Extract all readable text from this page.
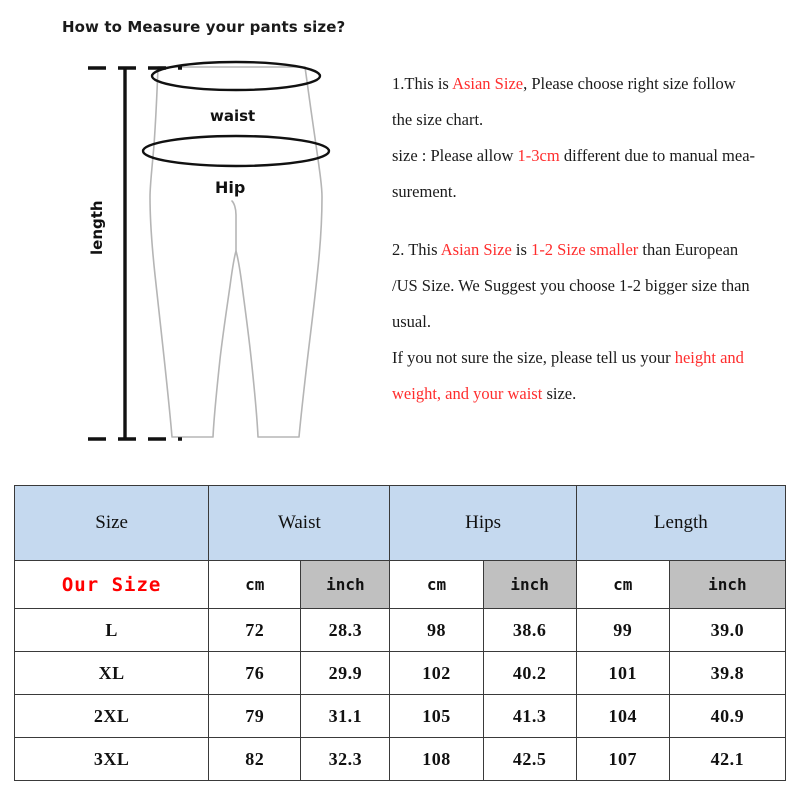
How to Measure your pants size?
waist
Hip
length
1.This is Asian Size, Please choose right size follow
the size chart.
size : Please allow 1-3cm different due to manual mea-
surement.
2. This Asian Size is 1-2 Size smaller than European
/US Size. We Suggest you choose 1-2 bigger size than
usual.
If you not sure the size, please tell us your height and
weight, and your waist size.
Size	Waist		Hips		Length	
Our Size	cm	inch	cm	inch	cm	inch
L	72	28.3	98	38.6	99	39.0
XL	76	29.9	102	40.2	101	39.8
2XL	79	31.1	105	41.3	104	40.9
3XL	82	32.3	108	42.5	107	42.1
